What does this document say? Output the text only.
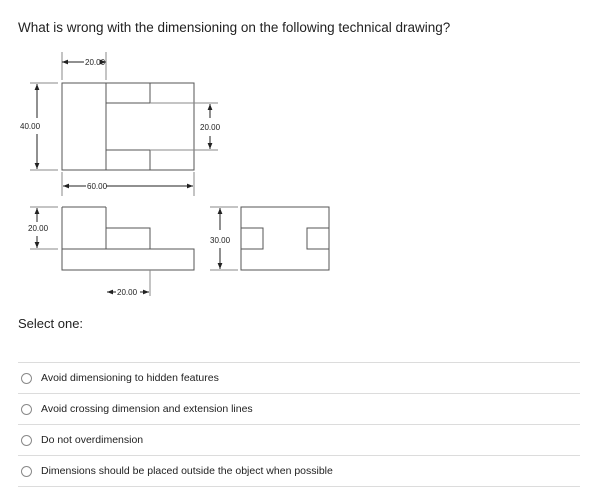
What is wrong with the dimensioning on the following technical drawing?
20.00
40.00	20.00
60.00
20.00
30.00
20.00
Select one:
Avoid dimensioning to hidden features
Avoid crossing dimension and extension lines
Do not overdimension
Dimensions should be placed outside the object when possible
